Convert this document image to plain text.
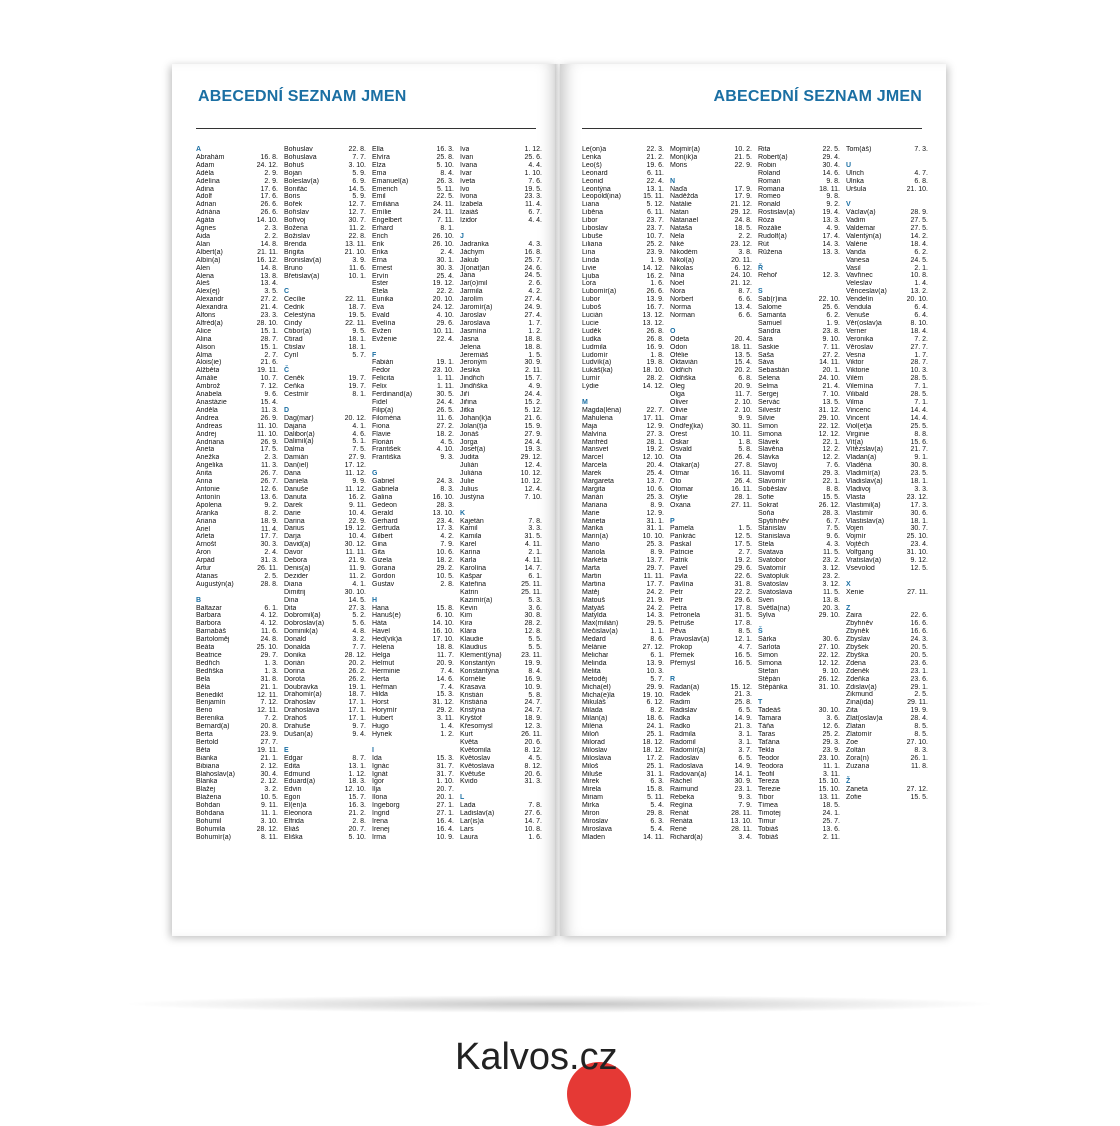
ABECEDNÍ SEZNAM JMEN
A
Abrahám	16. 8.
Adam	24. 12.
Adéla	2. 9.
Adelína	2. 9.
Adina	17. 6.
Adolf	17. 6.
Adrian	26. 6.
Adriána	26. 6.
Agáta	14. 10.
Agnes	2. 3.
Aida	2. 2.
Alan	14. 8.
Albert(a)	21. 11.
Albín(a)	16. 12.
Alen	14. 8.
Alena	13. 8.
Aleš	13. 4.
Alex(ej)	3. 5.
Alexandr	27. 2.
Alexandra	21. 4.
Alfons	23. 3.
Alfréd(a)	28. 10.
Alice	15. 1.
Alina	28. 7.
Alison	15. 1.
Alma	2. 7.
Alois(ie)	21. 6.
Alžběta	19. 11.
Amálie	10. 7.
Ambrož	7. 12.
Anabela	9. 6.
Anastázie	15. 4.
Anděla	11. 3.
Andrea	26. 9.
Andreas	11. 10.
Andrej	11. 10.
Andriana	26. 9.
Aneta	17. 5.
Anežka	2. 3.
Angelika	11. 3.
Anita	26. 7.
Anna	26. 7.
Antonie	12. 6.
Antonín	13. 6.
Apolena	9. 2.
Aranka	8. 2.
Ariana	18. 9.
Ariel	11. 4.
Arleta	17. 7.
Arnošt	30. 3.
Áron	2. 4.
Arpád	31. 3.
Artur	26. 11.
Atanas	2. 5.
Augustýn(a)	28. 8.
B
Baltazar	6. 1.
Barbara	4. 12.
Barbora	4. 12.
Barnabáš	11. 6.
Bartoloměj	24. 8.
Beáta	25. 10.
Beatrice	29. 7.
Bedřich	1. 3.
Bedřiška	1. 3.
Bela	31. 8.
Běla	21. 1.
Benedikt	12. 11.
Benjamín	7. 12.
Beno	12. 11.
Berenika	7. 2.
Bernard(a)	20. 8.
Berta	23. 9.
Bertold	27. 7.
Běta	19. 11.
Bianka	21. 1.
Bibiana	2. 12.
Blahoslav(a)	30. 4.
Blanka	2. 12.
Blažej	3. 2.
Blažena	10. 5.
Bohdan	9. 11.
Bohdana	11. 1.
Bohumil	3. 10.
Bohumila	28. 12.
Bohumír(a)	8. 11.
Bohuslav	22. 8.
Bohuslava	7. 7.
Bohuš	3. 10.
Bojan	5. 9.
Boleslav(a)	6. 9.
Bonifác	14. 5.
Boris	5. 9.
Bořek	12. 7.
Bořislav	12. 7.
Bořivoj	30. 7.
Božena	11. 2.
Božislav	22. 8.
Brenda	13. 11.
Brigita	21. 10.
Bronislav(a)	3. 9.
Bruno	11. 6.
Břetislav(a)	10. 1.
C
Cecílie	22. 11.
Cedrik	18. 7.
Celestýna	19. 5.
Cindy	22. 11.
Ctibor(a)	9. 5.
Ctirad	18. 1.
Ctislav	18. 1.
Cyril	5. 7.
Č
Čeněk	19. 7.
Čeňka	19. 7.
Čestmír	8. 1.
D
Dag(mar)	20. 12.
Dajana	4. 1.
Dalibor(a)	4. 6.
Dalimil(a)	5. 1.
Dalma	7. 5.
Damián	27. 9.
Dan(iel)	17. 12.
Dana	11. 12.
Daniela	9. 9.
Danuše	11. 12.
Danuta	16. 2.
Darek	9. 11.
Darie	10. 4.
Darina	22. 9.
Darius	19. 12.
Darja	10. 4.
David(a)	30. 12.
Davor	11. 11.
Debora	21. 9.
Denis(a)	11. 9.
Dezider	11. 2.
Diana	4. 1.
Dimitrij	30. 10.
Dina	14. 5.
Dita	27. 3.
Dobromil(a)	5. 2.
Dobroslav(a)	5. 6.
Dominik(a)	4. 8.
Donald	3. 2.
Donalda	7. 7.
Donika	28. 12.
Dorián	20. 2.
Dorina	26. 2.
Dorota	26. 2.
Doubravka	19. 1.
Drahomír(a)	18. 7.
Drahoslav	17. 1.
Drahoslava	17. 1.
Drahoš	17. 1.
Drahuše	9. 7.
Dušan(a)	9. 4.
E
Edgar	8. 7.
Edita	13. 1.
Edmund	1. 12.
Eduard(a)	18. 3.
Edvin	12. 10.
Egon	15. 7.
El(en)a	16. 3.
Eleonora	21. 2.
Elfrida	2. 8.
Eliáš	20. 7.
Eliška	5. 10.
Ella	16. 3.
Elvíra	25. 8.
Elza	5. 10.
Ema	8. 4.
Emanuel(a)	26. 3.
Emerich	5. 11.
Emil	22. 5.
Emiliána	24. 11.
Emílie	24. 11.
Engelbert	7. 11.
Erhard	8. 1.
Erich	26. 10.
Erik	26. 10.
Erika	2. 4.
Erna	30. 1.
Ernest	30. 3.
Ervín	25. 4.
Ester	19. 12.
Etela	22. 2.
Eunika	20. 10.
Eva	24. 12.
Evald	4. 10.
Evelína	29. 6.
Evžen	10. 11.
Evženie	22. 4.
F
Fabián	19. 1.
Fedor	23. 10.
Felicita	1. 11.
Felix	1. 11.
Ferdinand(a)	30. 5.
Fidel	24. 4.
Filip(a)	26. 5.
Filoména	11. 6.
Fiona	27. 2.
Flavie	18. 2.
Florián	4. 5.
František	4. 10.
Františka	9. 3.
G
Gabriel	24. 3.
Gabriela	8. 3.
Galina	16. 10.
Gedeon	28. 3.
Gerald	13. 10.
Gerhard	23. 4.
Gertruda	17. 3.
Gilbert	4. 2.
Gina	7. 9.
Gita	10. 6.
Gizela	18. 2.
Gorana	29. 2.
Gordon	10. 5.
Gustav	2. 8.
H
Hana	15. 8.
Hanuš(e)	6. 10.
Háta	14. 10.
Havel	16. 10.
Hed(vik)a	17. 10.
Helena	18. 8.
Helga	11. 7.
Helmut	20. 9.
Herminie	7. 4.
Herta	14. 6.
Heřman	7. 4.
Hilda	15. 3.
Horst	31. 12.
Horymír	29. 2.
Hubert	3. 11.
Hugo	1. 4.
Hynek	1. 2.
I
Ida	15. 3.
Ignác	31. 7.
Ignát	31. 7.
Igor	1. 10.
Ilja	20. 7.
Ilona	20. 1.
Ingeborg	27. 1.
Ingrid	27. 1.
Irena	16. 4.
Irenej	16. 4.
Irma	10. 9.
Iva	1. 12.
Ivan	25. 6.
Ivana	4. 4.
Ivar	1. 10.
Iveta	7. 6.
Ivo	19. 5.
Ivona	23. 3.
Izabela	11. 4.
Izaiáš	6. 7.
Izidor	4. 4.
J
Jadranka	4. 3.
Jáchym	16. 8.
Jakub	25. 7.
J(onat)an	24. 6.
Jana	24. 5.
Jar(o)mil	2. 6.
Jarmila	4. 2.
Jarolím	27. 4.
Jaromír(a)	24. 9.
Jaroslav	27. 4.
Jaroslava	1. 7.
Jasmína	1. 2.
Jasna	18. 8.
Jelena	18. 8.
Jeremiáš	1. 5.
Jeroným	30. 9.
Jesika	2. 11.
Jindřich	15. 7.
Jindřiška	4. 9.
Jiří	24. 4.
Jiřina	15. 2.
Jitka	5. 12.
Johan(k)a	21. 6.
Jolan(t)a	15. 9.
Jonáš	27. 9.
Jorga	24. 4.
Josef(a)	19. 3.
Judita	29. 12.
Julián	12. 4.
Juliána	10. 12.
Julie	10. 12.
Julius	12. 4.
Justýna	7. 10.
K
Kajetán	7. 8.
Kamil	3. 3.
Kamila	31. 5.
Karel	4. 11.
Karina	2. 1.
Karla	4. 11.
Karolína	14. 7.
Kašpar	6. 1.
Kateřina	25. 11.
Katrin	25. 11.
Kazimír(a)	5. 3.
Kevin	3. 6.
Kim	30. 8.
Kira	28. 2.
Klára	12. 8.
Klaudie	5. 5.
Klaudius	5. 5.
Klement(ýna)	23. 11.
Konstantýn	19. 9.
Konstantýna	8. 4.
Kornélie	16. 9.
Krasava	10. 9.
Kristián	5. 8.
Kristiána	24. 7.
Kristýna	24. 7.
Kryštof	18. 9.
Křesomysl	12. 3.
Kurt	26. 11.
Květa	20. 6.
Květomila	8. 12.
Květoslav	4. 5.
Květoslava	8. 12.
Květuše	20. 6.
Kvido	31. 3.
L
Lada	7. 8.
Ladislav(a)	27. 6.
Lar(is)a	14. 7.
Lars	10. 8.
Laura	1. 6.
ABECEDNÍ SEZNAM JMEN
Le(on)a	22. 3.
Lenka	21. 2.
Leo(š)	19. 6.
Leonard	6. 11.
Leonid	22. 4.
Leontýna	13. 1.
Leopold(ina)	15. 11.
Liana	5. 12.
Liběna	6. 11.
Libor	23. 7.
Liboslav	23. 7.
Libuše	10. 7.
Liliana	25. 2.
Lina	23. 9.
Linda	1. 9.
Livie	14. 12.
Ljuba	16. 2.
Lora	1. 6.
Lubomír(a)	26. 6.
Lubor	13. 9.
Luboš	16. 7.
Lucián	13. 12.
Lucie	13. 12.
Luděk	26. 8.
Ludka	26. 8.
Ludmila	16. 9.
Ludomír	1. 8.
Ludvík(a)	19. 8.
Lukáš(ka)	18. 10.
Lumír	28. 2.
Lýdie	14. 12.
M
Magda(léna)	22. 7.
Mahulena	17. 11.
Maja	12. 9.
Malvína	27. 3.
Manfréd	28. 1.
Mansvet	19. 2.
Marcel	12. 10.
Marcela	20. 4.
Marek	25. 4.
Margareta	13. 7.
Margita	10. 6.
Marián	25. 3.
Mariana	8. 9.
Marie	12. 9.
Marieta	31. 1.
Marika	31. 1.
Marin(a)	10. 10.
Mario	25. 3.
Mariola	8. 9.
Markéta	13. 7.
Marta	29. 7.
Martin	11. 11.
Martina	17. 7.
Matěj	24. 2.
Matouš	21. 9.
Matyáš	24. 2.
Matylda	14. 3.
Max(milián)	29. 5.
Mečislav(a)	1. 1.
Medard	8. 6.
Melánie	27. 12.
Melichar	6. 1.
Melinda	13. 9.
Melita	10. 3.
Metoděj	5. 7.
Micha(el)	29. 9.
Micha(e)la	19. 10.
Mikuláš	6. 12.
Milada	8. 2.
Milan(a)	18. 6.
Miléna	24. 1.
Miloň	25. 1.
Milorad	18. 12.
Miloslav	18. 12.
Miloslava	17. 2.
Miloš	25. 1.
Miluše	31. 1.
Mirek	6. 3.
Mirela	15. 8.
Miriam	5. 11.
Mirka	5. 4.
Miron	29. 8.
Miroslav	6. 3.
Miroslava	5. 4.
Mladen	14. 11.
Mojmír(a)	10. 2.
Mon(ik)a	21. 5.
Moris	22. 9.
N
Naďa	17. 9.
Naděžda	17. 9.
Natálie	21. 12.
Natan	29. 12.
Natanael	24. 8.
Nataša	18. 5.
Nela	2. 2.
Niké	23. 12.
Nikodém	3. 8.
Nikol(a)	20. 11.
Nikolas	6. 12.
Nina	24. 10.
Noel	21. 12.
Nora	8. 7.
Norbert	6. 6.
Norma	13. 4.
Norman	6. 6.
O
Odeta	20. 4.
Odon	18. 11.
Ofélie	13. 5.
Oktavián	15. 4.
Oldřich	20. 2.
Oldřiška	6. 8.
Oleg	20. 9.
Olga	11. 7.
Oliver	2. 10.
Olivie	2. 10.
Omar	9. 9.
Ondřej(ka)	30. 11.
Orest	10. 11.
Oskar	1. 8.
Osvald	5. 8.
Ota	26. 4.
Otakar(a)	27. 8.
Otmar	16. 11.
Oto	26. 4.
Otomar	16. 11.
Otýlie	28. 1.
Oxana	27. 11.
P
Pamela	1. 5.
Pankrác	12. 5.
Paskal	17. 5.
Patricie	2. 7.
Patrik	19. 2.
Pavel	29. 6.
Pavla	22. 6.
Pavlína	31. 8.
Petr	22. 2.
Petr	29. 6.
Petra	17. 8.
Petronela	31. 5.
Petruše	17. 8.
Pěva	8. 5.
Pravoslav(a)	12. 1.
Prokop	4. 7.
Přemek	16. 5.
Přemysl	16. 5.
R
Radan(a)	15. 12.
Radek	21. 3.
Radim	25. 8.
Radislav	6. 5.
Radka	14. 9.
Radko	21. 3.
Radmila	3. 1.
Radomil	3. 1.
Radomír(a)	3. 7.
Radoslav	6. 5.
Radoslava	14. 9.
Radovan(a)	14. 1.
Ráchel	30. 9.
Raimund	23. 1.
Rebeka	9. 3.
Regína	7. 9.
Renát	28. 11.
Renáta	13. 10.
René	28. 11.
Richard(a)	3. 4.
Rita	22. 5.
Robert(a)	29. 4.
Robin	30. 4.
Roland	14. 6.
Roman	9. 8.
Romana	18. 11.
Romeo	9. 8.
Ronald	9. 2.
Rostislav(a)	19. 4.
Róza	13. 3.
Rozálie	4. 9.
Rudolf(a)	17. 4.
Rút	14. 3.
Růžena	13. 3.
Ř
Řehoř	12. 3.
S
Sab(r)ina	22. 10.
Salome	25. 6.
Samanta	6. 2.
Samuel	1. 9.
Sandra	23. 8.
Sára	9. 10.
Saskie	7. 11.
Saša	27. 2.
Sáva	14. 11.
Sebastián	20. 1.
Selena	24. 10.
Selma	21. 4.
Sergej	7. 10.
Servác	13. 5.
Silvestr	31. 12.
Silvie	29. 10.
Simon	22. 12.
Simona	12. 12.
Slávek	22. 1.
Slavěna	12. 2.
Slávka	12. 2.
Slavoj	7. 6.
Slavomil	29. 3.
Slavomír	22. 1.
Soběslav	8. 8.
Sofie	15. 5.
Sokrat	26. 12.
Soňa	28. 3.
Spytihněv	6. 7.
Stanislav	7. 5.
Stanislava	9. 6.
Stela	4. 3.
Svatava	11. 5.
Svatobor	23. 2.
Svatomír	3. 12.
Svatopluk	23. 2.
Svatoslav	3. 12.
Svatoslava	11. 5.
Sven	13. 8.
Světla(na)	20. 3.
Sylva	29. 10.
Š
Šárka	30. 6.
Šarlota	27. 10.
Šimon	22. 12.
Šimona	12. 12.
Štefan	9. 10.
Štěpán	26. 12.
Štěpánka	31. 10.
T
Tadeáš	30. 10.
Tamara	3. 6.
Táňa	12. 6.
Taras	25. 2.
Taťána	29. 3.
Tekla	23. 9.
Teodor	23. 10.
Teodora	11. 1.
Teofil	3. 11.
Tereza	15. 10.
Terezie	15. 10.
Tibor	13. 11.
Tímea	18. 5.
Timotej	24. 1.
Timur	25. 7.
Tobiáš	13. 6.
Tobiáš	2. 11.
Tom(áš)	7. 3.
U
Ulrich	4. 7.
Ulrika	6. 8.
Uršula	21. 10.
V
Václav(a)	28. 9.
Vadim	27. 5.
Valdemar	27. 5.
Valentýn(a)	14. 2.
Valérie	18. 4.
Vanda	6. 2.
Vanesa	24. 5.
Vasil	2. 1.
Vavřinec	10. 8.
Veleslav	1. 4.
Věnceslav(a)	13. 2.
Vendelín	20. 10.
Vendula	6. 4.
Venuše	6. 4.
Věr(oslav)a	8. 10.
Verner	18. 4.
Veronika	7. 2.
Věroslav	27. 7.
Vesna	1. 7.
Viktor	28. 7.
Viktorie	10. 3.
Vilém	28. 5.
Vilemína	7. 1.
Vilibald	28. 5.
Vilma	7. 1.
Vincenc	14. 4.
Vincent	14. 4.
Viol(et)a	25. 5.
Virginie	8. 8.
Vít(a)	15. 6.
Vítězslav(a)	21. 7.
Vladan(a)	9. 1.
Vladěna	30. 8.
Vladimír(a)	23. 5.
Vladislav(a)	18. 1.
Vladivoj	3. 3.
Vlasta	23. 12.
Vlastimil(a)	17. 3.
Vlastimír	30. 6.
Vlastislav(a)	18. 1.
Vojen	30. 7.
Vojmír	25. 10.
Vojtěch	23. 4.
Volfgang	31. 10.
Vratislav(a)	9. 12.
Vsevolod	12. 5.
X
Xenie	27. 11.
Z
Zaira	22. 6.
Zbyhněv	16. 6.
Zbyněk	16. 6.
Zbyslav	24. 3.
Zbyšek	20. 5.
Zbyška	20. 5.
Zdena	23. 6.
Zdeněk	23. 1.
Zdeňka	23. 6.
Zdislav(a)	29. 1.
Zikmund	2. 5.
Zina(ida)	29. 11.
Zita	19. 9.
Zlat(oslav)a	28. 4.
Zlatan	8. 5.
Zlatomír	8. 5.
Zoe	27. 10.
Zoltán	8. 3.
Zora(n)	26. 1.
Zuzana	11. 8.
Ž
Žaneta	27. 12.
Žofie	15. 5.
Kalvos.cz
